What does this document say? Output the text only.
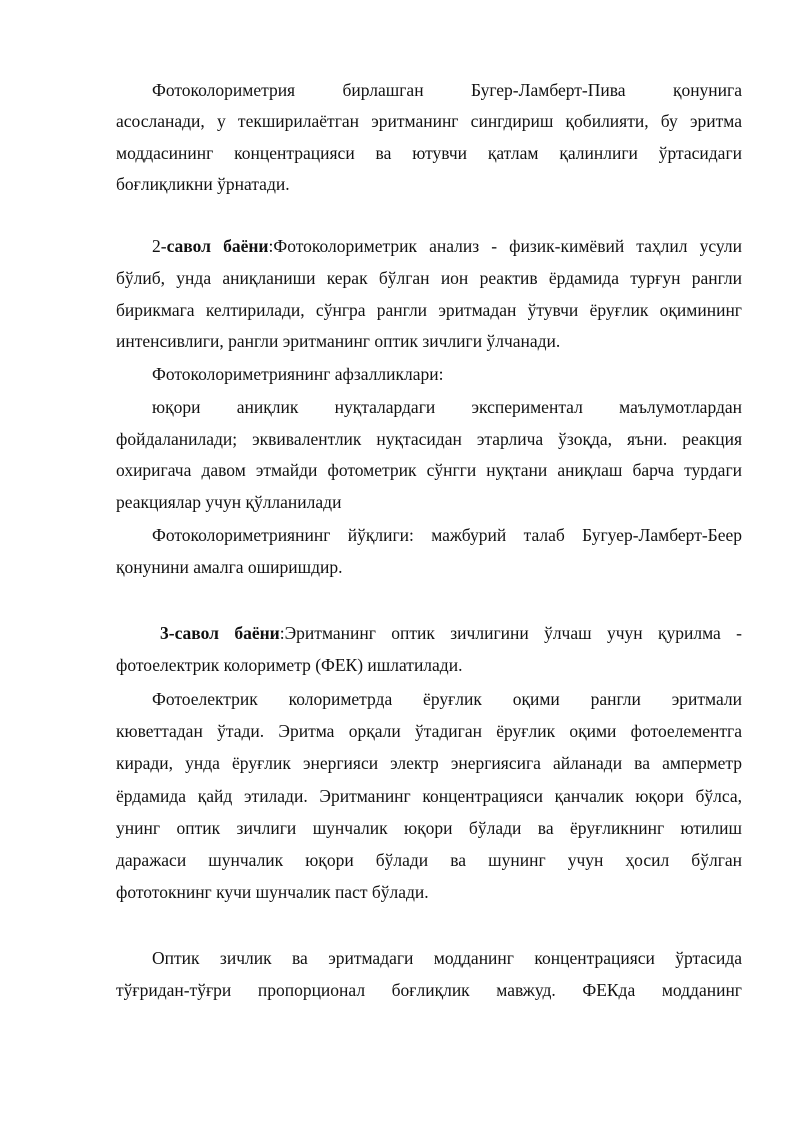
Фотоколориметрия бирлашган Бугер-Ламберт-Пива қонунига
асосланади, у текширилаётган эритманинг сингдириш қобилияти, бу эритма
моддасининг концентрацияси ва ютувчи қатлам қалинлиги ўртасидаги
боғлиқликни ўрнатади.
2-савол баёни:Фотоколориметрик анализ - физик-кимёвий таҳлил усули
бўлиб, унда аниқланиши керак бўлган ион реактив ёрдамида турғун рангли
бирикмага келтирилади, сўнгра рангли эритмадан ўтувчи ёруғлик оқимининг
интенсивлиги, рангли эритманинг оптик зичлиги ўлчанади.
Фотоколориметриянинг афзалликлари:
юқори аниқлик нуқталардаги экспериментал маълумотлардан
фойдаланилади; эквивалентлик нуқтасидан этарлича ўзоқда, яъни. реакция
охиригача давом этмайди фотометрик сўнгги нуқтани аниқлаш барча турдаги
реакциялар учун қўлланилади
Фотоколориметриянинг йўқлиги: мажбурий талаб Бугуер-Ламберт-Беер
қонунини амалга оширишдир.
3-савол баёни:Эритманинг оптик зичлигини ўлчаш учун қурилма -
фотоелектрик колориметр (ФЕК) ишлатилади.
Фотоелектрик колориметрда ёруғлик оқими рангли эритмали
кюветтадан ўтади. Эритма орқали ўтадиган ёруғлик оқими фотоелементга
киради, унда ёруғлик энергияси электр энергиясига айланади ва амперметр
ёрдамида қайд этилади. Эритманинг концентрацияси қанчалик юқори бўлса,
унинг оптик зичлиги шунчалик юқори бўлади ва ёруғликнинг ютилиш
даражаси шунчалик юқори бўлади ва шунинг учун ҳосил бўлган
фототокнинг кучи шунчалик паст бўлади.
Оптик зичлик ва эритмадаги модданинг концентрацияси ўртасида
тўғридан-тўғри пропорционал боғлиқлик мавжуд. ФЕКда модданинг
